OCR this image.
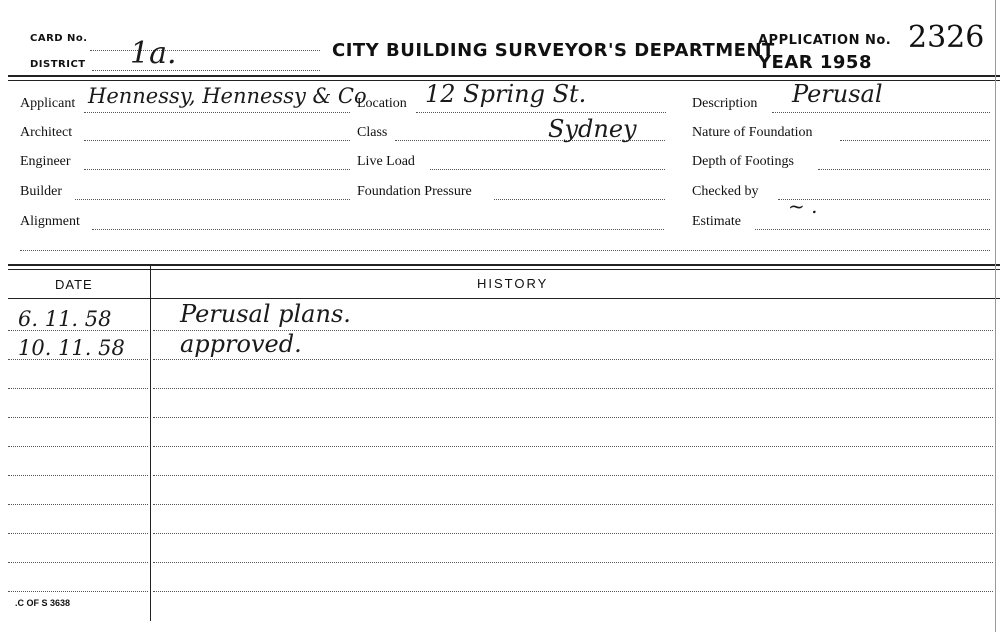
CARD No.
DISTRICT 1a.	CITY BUILDING SURVEYOR'S DEPARTMENT
APPLICATION No. 2326
YEAR 1958
Applicant Hennessy, Hennessy & Co
Architect
Engineer
Builder
Alignment
Location 12 Spring St.
Class	Sydney
Live Load
Foundation Pressure
Description Perusal
Nature of Foundation
Depth of Footings
Checked by
Estimate
~ .
DATE	HISTORY
6. 11. 58	Perusal plans.
10. 11. 58 approved.
.C OF S 3638
